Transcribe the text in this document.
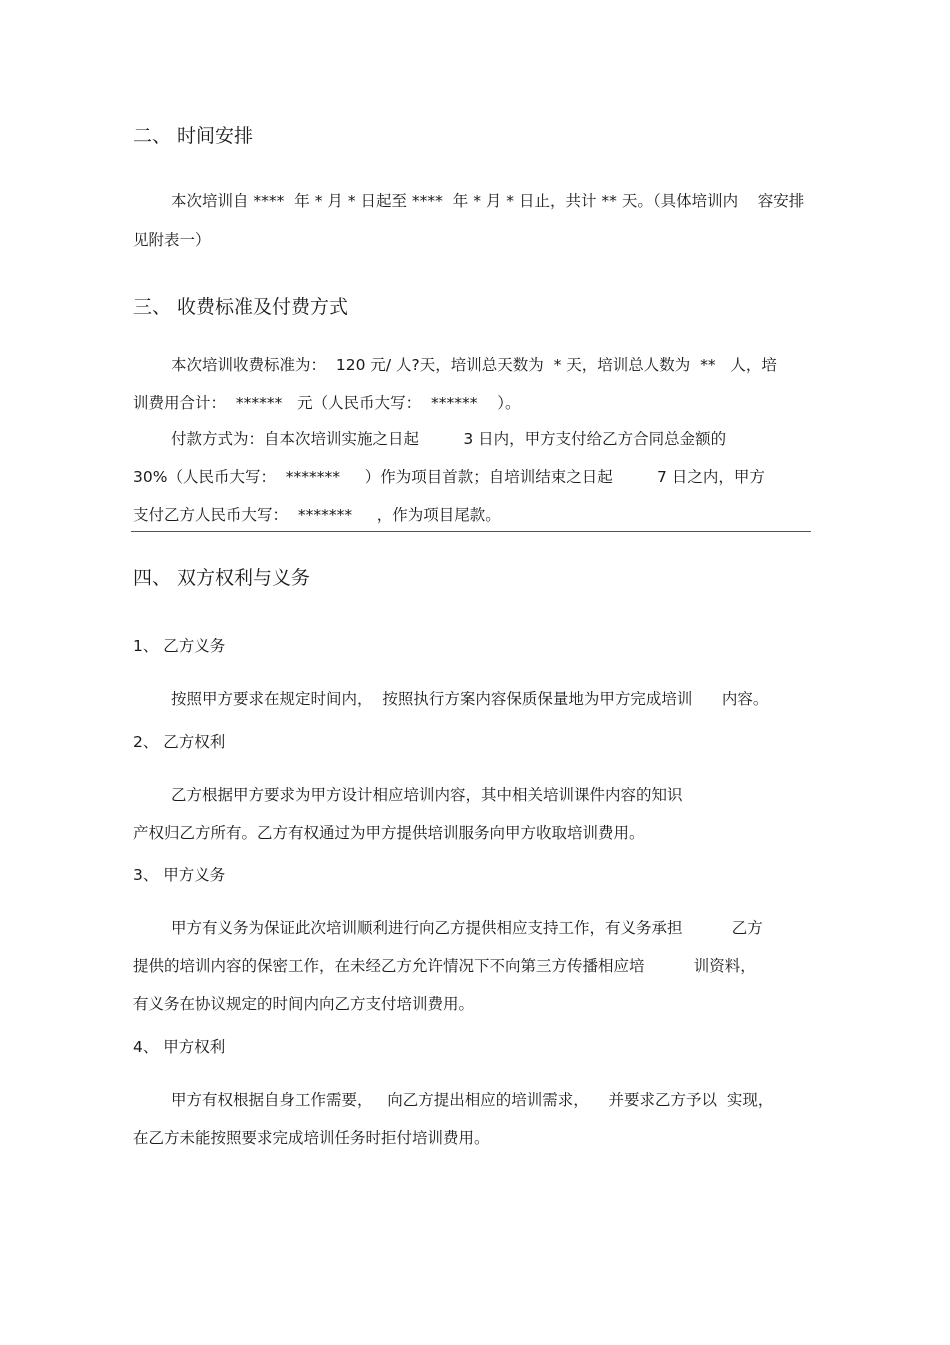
二、 时间安排
本次培训自 ****  年 * 月 * 日起至 ****  年 * 月 * 日止，共计 ** 天。（具体培训内    容安排
见附表一）
三、 收费标准及付费方式
本次培训收费标准为：  120 元/ 人?天，培训总天数为  * 天，培训总人数为  **   人，培
训费用合计：  ******   元（人民币大写：  ******    ）。
付款方式为：自本次培训实施之日起         3 日内，甲方支付给乙方合同总金额的
30%（人民币大写：  *******     ）作为项目首款；自培训结束之日起         7 日之内，甲方
支付乙方人民币大写：  *******     ，作为项目尾款。
四、 双方权利与义务
1、 乙方义务
按照甲方要求在规定时间内，  按照执行方案内容保质保量地为甲方完成培训      内容。
2、 乙方权利
乙方根据甲方要求为甲方设计相应培训内容，其中相关培训课件内容的知识
产权归乙方所有。乙方有权通过为甲方提供培训服务向甲方收取培训费用。
3、 甲方义务
甲方有义务为保证此次培训顺利进行向乙方提供相应支持工作，有义务承担          乙方
提供的培训内容的保密工作，在未经乙方允许情况下不向第三方传播相应培          训资料，
有义务在协议规定的时间内向乙方支付培训费用。
4、 甲方权利
甲方有权根据自身工作需要，   向乙方提出相应的培训需求，    并要求乙方予以  实现，
在乙方未能按照要求完成培训任务时拒付培训费用。
